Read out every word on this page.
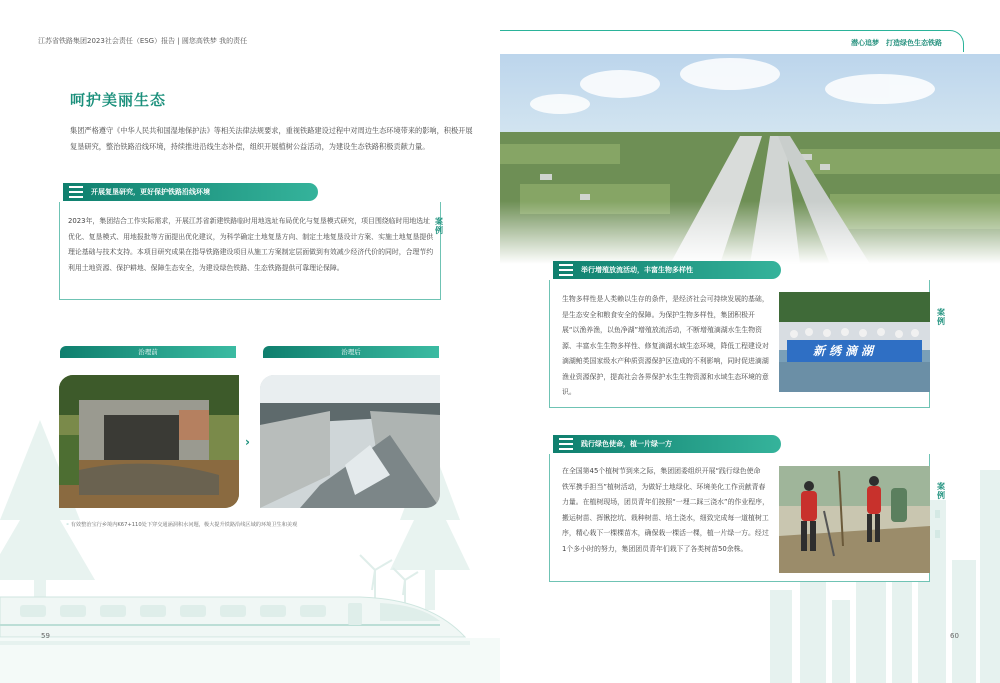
江苏省铁路集团2023社会责任（ESG）报告 | 圆您高铁梦 我的责任	潜心追梦　打造绿色生态铁路
呵护美丽生态
集团严格遵守《中华人民共和国湿地保护法》等相关法律法规要求，重视铁路建设过程中对周边生态环境带来的影响，积极开展复垦研究，整治铁路沿线环境，持续推进沿线生态补偿，组织开展植树公益活动，为建设生态铁路积极贡献力量。
开展复垦研究，更好保护铁路沿线环境
2023年，集团结合工作实际需求，开展江苏省新建铁路临时用地选址布局优化与复垦模式研究，项目围绕临时用地选址优化、复垦模式、用地报批等方面提出优化建议，为科学确定土地复垦方向、制定土地复垦设计方案、实施土地复垦提供理论基础与技术支持。本项目研究成果在指导铁路建设项目从施工方案制定层面做到有效减少经济代价的同时，合理节约利用土地资源、保护耕地、保障生态安全，为建设绿色铁路、生态铁路提供可靠理论保障。
案例
治理前	治理后
›
◦ 有效整治宝行乡境内K67+110处下穿交通涵洞积水问题，极大提升铁路沿线区域的环境卫生和美观
59
举行增殖放流活动，丰富生物多样性
生物多样性是人类赖以生存的条件，是经济社会可持续发展的基础，是生态安全和粮食安全的保障。为保护生物多样性，集团积极开展“以渔养渔，以鱼净湖”增殖放流活动，不断增殖滴湖水生生物资源、丰富水生生物多样性、修复滴湖水域生态环境，降低工程建设对滴湖鲌类国家级水产种质资源保护区造成的不利影响，同时促进滴湖渔业资源保护，提高社会各界保护水生生物资源和水域生态环境的意识。
新绣滴湖
案例
践行绿色使命，植一片绿一方
在全国第45个植树节到来之际，集团团委组织开展“践行绿色使命　铁军携手担当”植树活动，为做好土地绿化、环境美化工作贡献青春力量。在植树现场，团员青年们按照“一埋二踩三浇水”的作业程序，搬运树苗、挥锹挖坑、栽种树苗、培土浇水，细致完成每一道植树工序，精心栽下一棵棵苗木，确保栽一棵活一棵，植一片绿一方。经过1个多小时的努力，集团团员青年们栽下了各类树苗50余株。
案例
60
